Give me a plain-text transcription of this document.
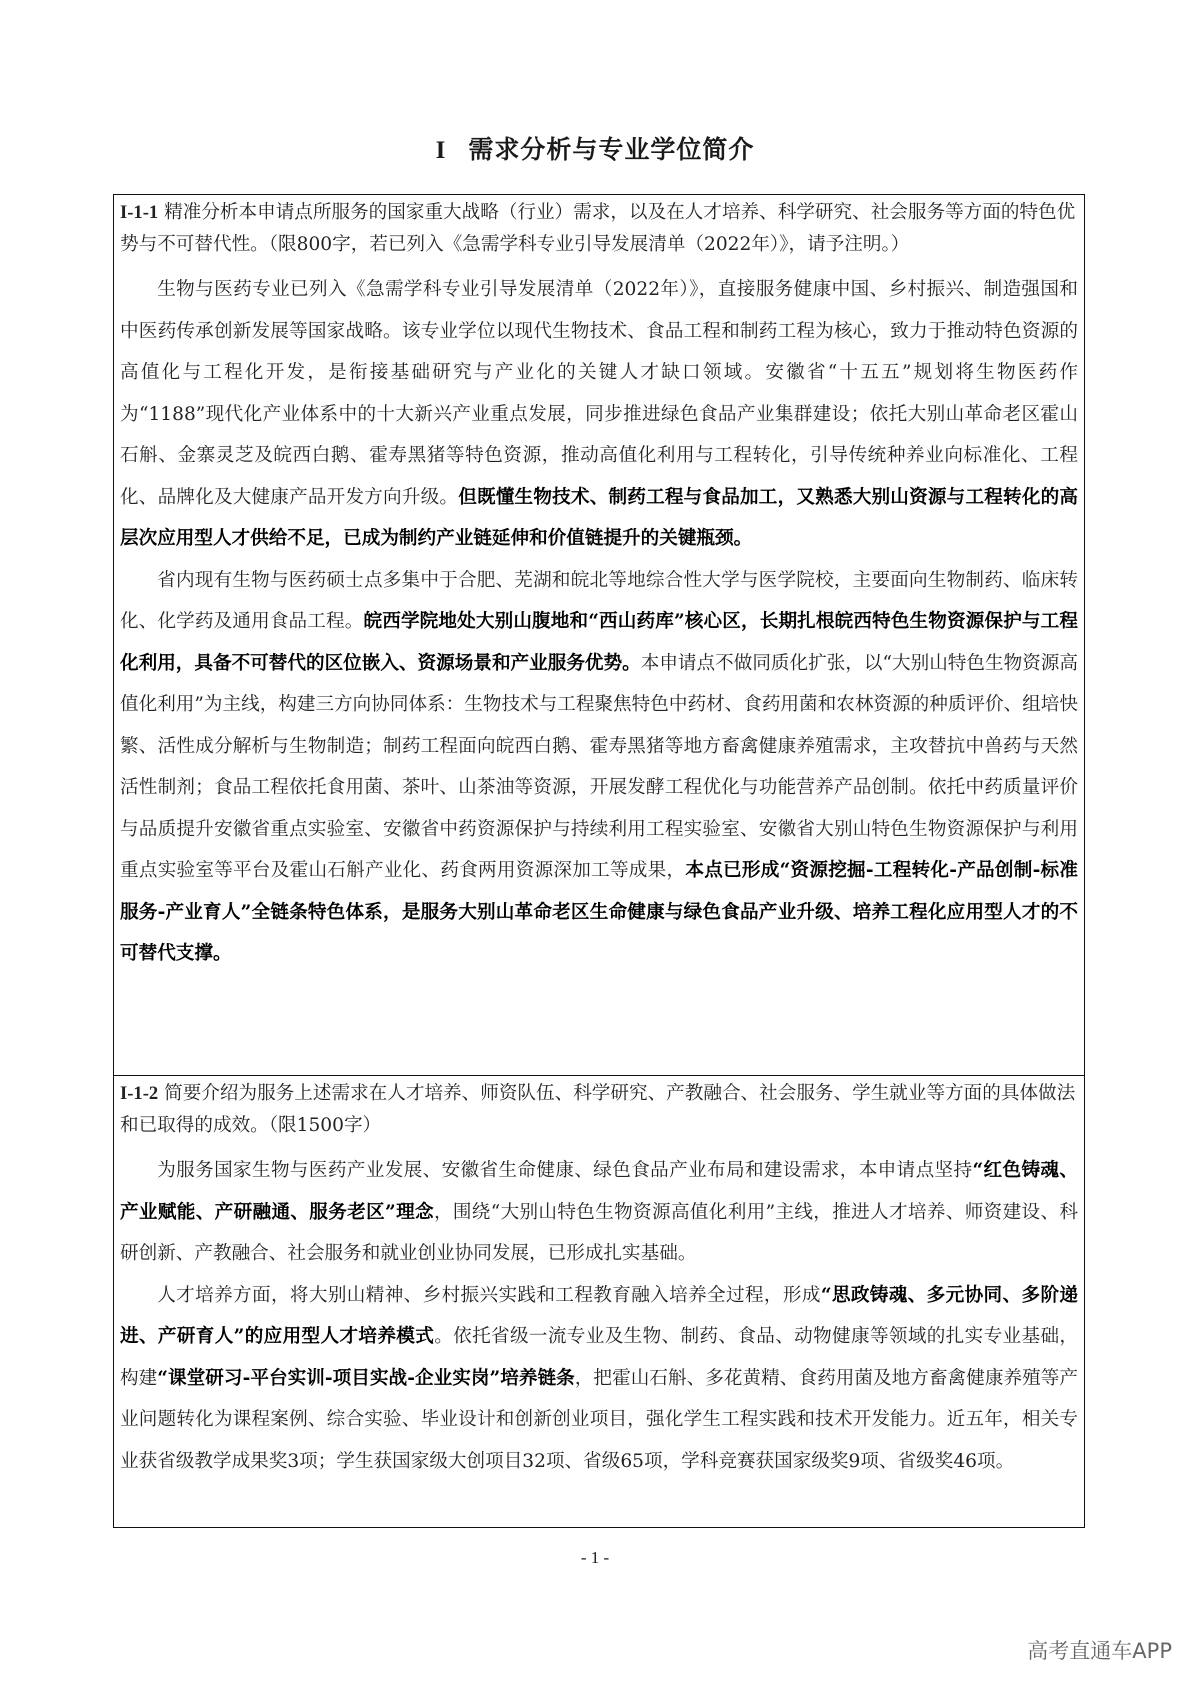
I 需求分析与专业学位简介
I-1-1 精准分析本申请点所服务的国家重大战略（行业）需求，以及在人才培养、科学研究、社会服务等方面的特色优势与不可替代性。（限800字，若已列入《急需学科专业引导发展清单（2022年）》，请予注明。）

生物与医药专业已列入《急需学科专业引导发展清单（2022年）》，直接服务健康中国、乡村振兴、制造强国和中医药传承创新发展等国家战略。该专业学位以现代生物技术、食品工程和制药工程为核心，致力于推动特色资源的高值化与工程化开发，是衔接基础研究与产业化的关键人才缺口领域。安徽省“十五五”规划将生物医药作为“1188”现代化产业体系中的十大新兴产业重点发展，同步推进绿色食品产业集群建设；依托大别山革命老区霍山石斛、金寨灵芝及皖西白鹅、霍寿黑猪等特色资源，推动高值化利用与工程转化，引导传统种养业向标准化、工程化、品牌化及大健康产品开发方向升级。但既懂生物技术、制药工程与食品加工，又熟悉大别山资源与工程转化的高层次应用型人才供给不足，已成为制约产业链延伸和价值链提升的关键瓶颈。

省内现有生物与医药硕士点多集中于合肥、芜湖和皖北等地综合性大学与医学院校，主要面向生物制药、临床转化、化学药及通用食品工程。皖西学院地处大别山腹地和“西山药库”核心区，长期扎根皖西特色生物资源保护与工程化利用，具备不可替代的区位嵌入、资源场景和产业服务优势。本申请点不做同质化扩张，以“大别山特色生物资源高值化利用”为主线，构建三方向协同体系：生物技术与工程聚焦特色中药材、食药用菌和农林资源的种质评价、组培快繁、活性成分解析与生物制造；制药工程面向皖西白鹅、霍寿黑猪等地方畜禽健康养殖需求，主攻替抗中兽药与天然活性制剂；食品工程依托食用菌、茶叶、山茶油等资源，开展发酵工程优化与功能营养产品创制。依托中药质量评价与品质提升安徽省重点实验室、安徽省中药资源保护与持续利用工程实验室、安徽省大别山特色生物资源保护与利用重点实验室等平台及霍山石斛产业化、药食两用资源深加工等成果，本点已形成“资源挖掘-工程转化-产品创制-标准服务-产业育人”全链条特色体系，是服务大别山革命老区生命健康与绿色食品产业升级、培养工程化应用型人才的不可替代支撑。

I-1-2 简要介绍为服务上述需求在人才培养、师资队伍、科学研究、产教融合、社会服务、学生就业等方面的具体做法和已取得的成效。（限1500字）

为服务国家生物与医药产业发展、安徽省生命健康、绿色食品产业布局和建设需求，本申请点坚持“红色铸魂、产业赋能、产研融通、服务老区”理念，围绕“大别山特色生物资源高值化利用”主线，推进人才培养、师资建设、科研创新、产教融合、社会服务和就业创业协同发展，已形成扎实基础。

人才培养方面，将大别山精神、乡村振兴实践和工程教育融入培养全过程，形成“思政铸魂、多元协同、多阶递进、产研育人”的应用型人才培养模式。依托省级一流专业及生物、制药、食品、动物健康等领域的扎实专业基础，构建“课堂研习-平台实训-项目实战-企业实岗”培养链条，把霍山石斛、多花黄精、食药用菌及地方畜禽健康养殖等产业问题转化为课程案例、综合实验、毕业设计和创新创业项目，强化学生工程实践和技术开发能力。近五年，相关专业获省级教学成果奖3项；学生获国家级大创项目32项、省级65项，学科竞赛获国家级奖9项、省级奖46项。

- 1 -
高考直通车APP
